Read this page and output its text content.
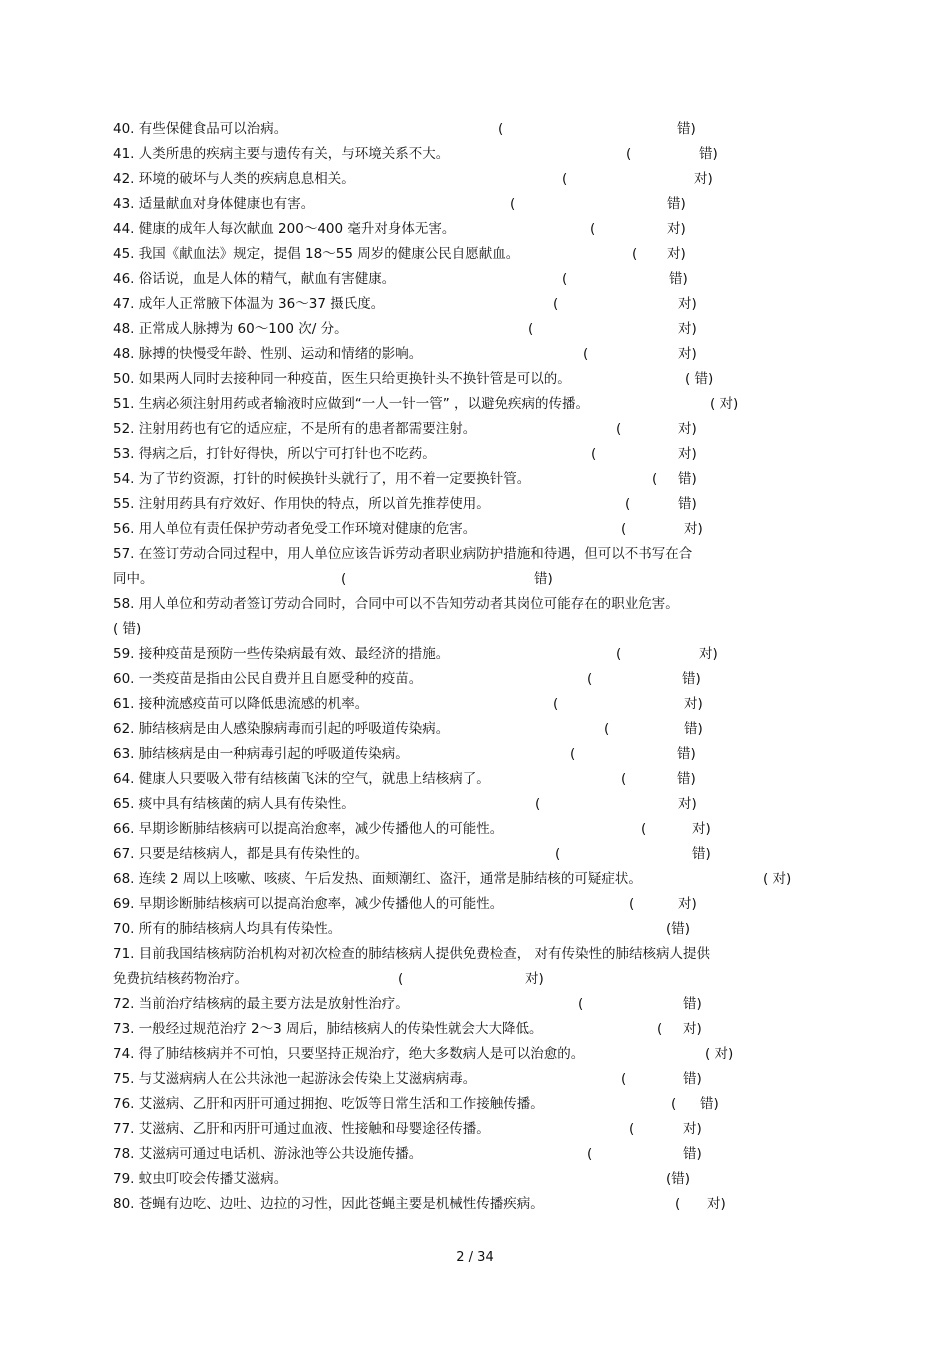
40. 有些保健食品可以治病。	(	错)
41. 人类所患的疾病主要与遗传有关，与环境关系不大。	(	错)
42. 环境的破坏与人类的疾病息息相关。	(	对)
43. 适量献血对身体健康也有害。	(	错)
44. 健康的成年人每次献血 200～400 毫升对身体无害。	(	对)
45. 我国《献血法》规定，提倡 18～55 周岁的健康公民自愿献血。	( 对)
46. 俗话说，血是人体的精气，献血有害健康。	(	错)
47. 成年人正常腋下体温为 36～37 摄氏度。	(	对)
48. 正常成人脉搏为 60～100 次/ 分。	(	对)
48. 脉搏的快慢受年龄、性别、运动和情绪的影响。	(	对)
50. 如果两人同时去接种同一种疫苗，医生只给更换针头不换针管是可以的。	( 错)
51. 生病必须注射用药或者输液时应做到“一人一针一管” ，以避免疾病的传播。	( 对)
52. 注射用药也有它的适应症，不是所有的患者都需要注射。	(	对)
53. 得病之后，打针好得快，所以宁可打针也不吃药。	(	对)
54. 为了节约资源，打针的时候换针头就行了，用不着一定要换针管。	( 错)
55. 注射用药具有疗效好、作用快的特点，所以首先推荐使用。	(	错)
56. 用人单位有责任保护劳动者免受工作环境对健康的危害。	(	对)
57. 在签订劳动合同过程中，用人单位应该告诉劳动者职业病防护措施和待遇，但可以不书写在合
同中。	(	错)
58. 用人单位和劳动者签订劳动合同时，合同中可以不告知劳动者其岗位可能存在的职业危害。
( 错)
59. 接种疫苗是预防一些传染病最有效、最经济的措施。	(	对)
60. 一类疫苗是指由公民自费并且自愿受种的疫苗。	(	错)
61. 接种流感疫苗可以降低患流感的机率。	(	对)
62. 肺结核病是由人感染腺病毒而引起的呼吸道传染病。	(	错)
63. 肺结核病是由一种病毒引起的呼吸道传染病。	(	错)
64. 健康人只要吸入带有结核菌飞沫的空气，就患上结核病了。	(	错)
65. 痰中具有结核菌的病人具有传染性。	(	对)
66. 早期诊断肺结核病可以提高治愈率，减少传播他人的可能性。	(	对)
67. 只要是结核病人，都是具有传染性的。	(	错)
68. 连续 2 周以上咳嗽、咳痰、午后发热、面颊潮红、盗汗，通常是肺结核的可疑症状。	( 对)
69. 早期诊断肺结核病可以提高治愈率，减少传播他人的可能性。	(	对)
70. 所有的肺结核病人均具有传染性。	(错)
71. 目前我国结核病防治机构对初次检查的肺结核病人提供免费检查， 对有传染性的肺结核病人提供
免费抗结核药物治疗。	(	对)
72. 当前治疗结核病的最主要方法是放射性治疗。	(	错)
73. 一般经过规范治疗 2～3 周后，肺结核病人的传染性就会大大降低。	( 对)
74. 得了肺结核病并不可怕，只要坚持正规治疗，绝大多数病人是可以治愈的。	( 对)
75. 与艾滋病病人在公共泳池一起游泳会传染上艾滋病病毒。	(	错)
76. 艾滋病、乙肝和丙肝可通过拥抱、吃饭等日常生活和工作接触传播。	( 错)
77. 艾滋病、乙肝和丙肝可通过血液、性接触和母婴途径传播。	(	对)
78. 艾滋病可通过电话机、游泳池等公共设施传播。	(	错)
79. 蚊虫叮咬会传播艾滋病。	(错)
80. 苍蝇有边吃、边吐、边拉的习性，因此苍蝇主要是机械性传播疾病。	( 对)
2 / 34
